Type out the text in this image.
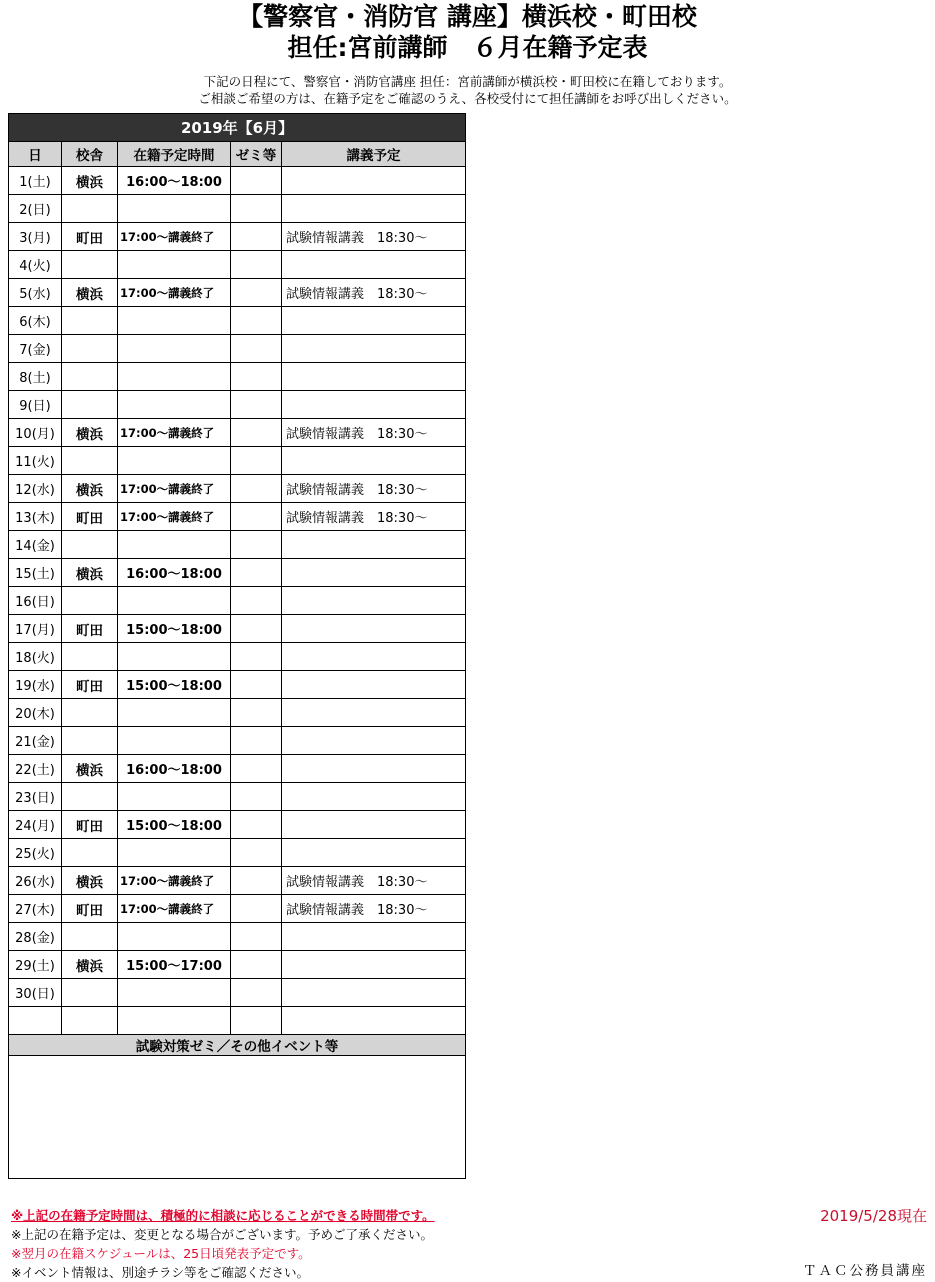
【警察官・消防官 講座】横浜校・町田校
担任:宮前講師　６月在籍予定表
下記の日程にて、警察官・消防官講座 担任：宮前講師が横浜校・町田校に在籍しております。
ご相談ご希望の方は、在籍予定をご確認のうえ、各校受付にて担任講師をお呼び出しください。
2019年【6月】				
日	校舎	在籍予定時間	ゼミ等	講義予定
1(土)	横浜	16:00～18:00		
2(日)				
3(月)	町田	17:00～講義終了		試験情報講義　18:30～
4(火)				
5(水)	横浜	17:00～講義終了		試験情報講義　18:30～
6(木)				
7(金)				
8(土)				
9(日)				
10(月)	横浜	17:00～講義終了		試験情報講義　18:30～
11(火)				
12(水)	横浜	17:00～講義終了		試験情報講義　18:30～
13(木)	町田	17:00～講義終了		試験情報講義　18:30～
14(金)				
15(土)	横浜	16:00～18:00		
16(日)				
17(月)	町田	15:00～18:00		
18(火)				
19(水)	町田	15:00～18:00		
20(木)				
21(金)				
22(土)	横浜	16:00～18:00		
23(日)				
24(月)	町田	15:00～18:00		
25(火)				
26(水)	横浜	17:00～講義終了		試験情報講義　18:30～
27(木)	町田	17:00～講義終了		試験情報講義　18:30～
28(金)				
29(土)	横浜	15:00～17:00		
30(日)				

試験対策ゼミ／その他イベント等				

※上記の在籍予定時間は、積極的に相談に応じることができる時間帯です。
※上記の在籍予定は、変更となる場合がございます。予めご了承ください。
※翌月の在籍スケジュールは、25日頃発表予定です。
※イベント情報は、別途チラシ等をご確認ください。
2019/5/28現在
ＴＡＣ公務員講座
